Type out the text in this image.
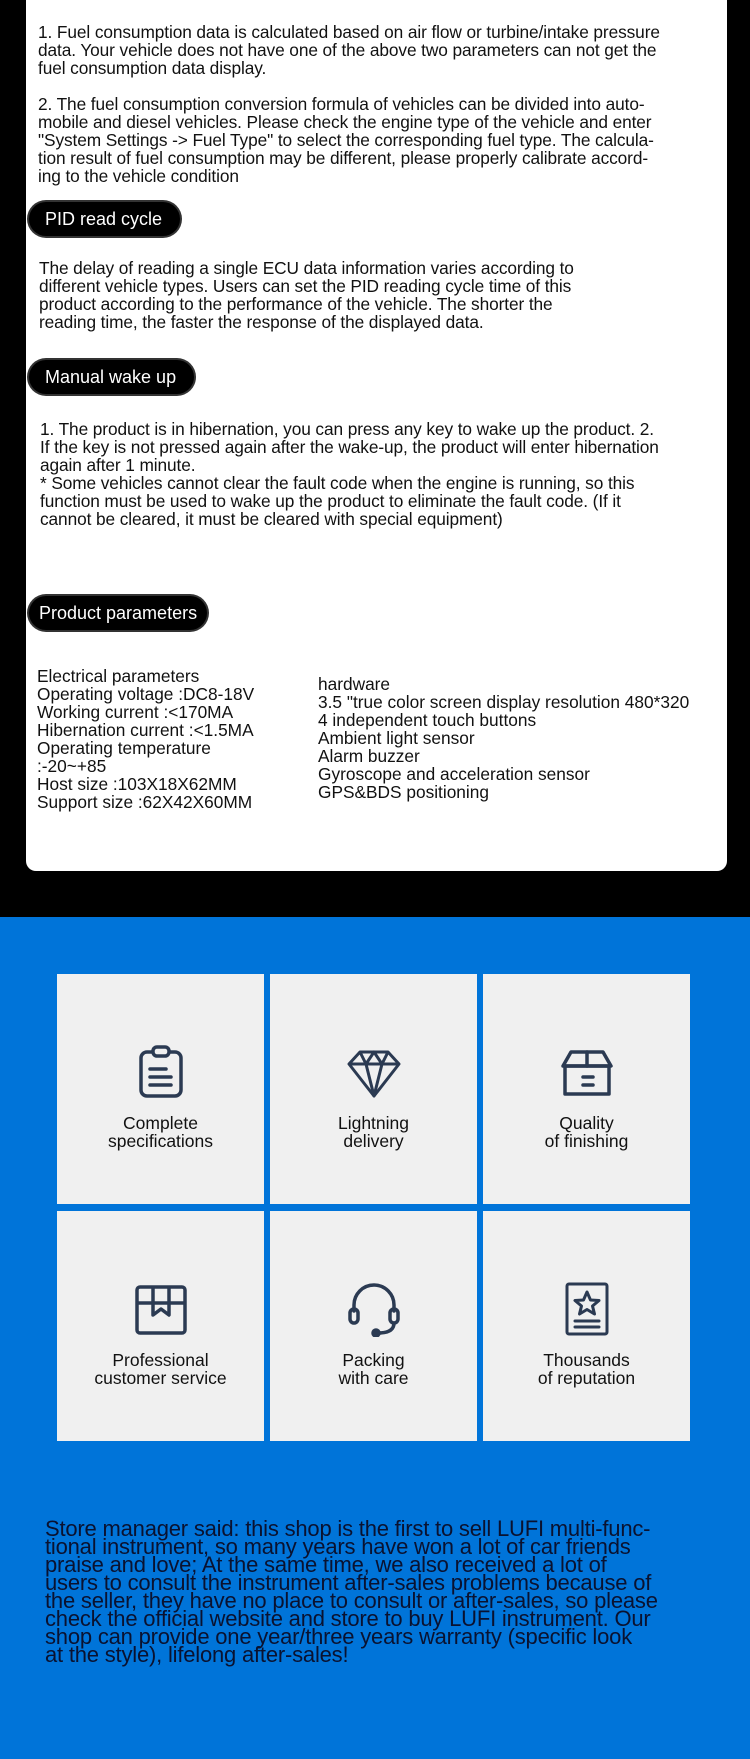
1. Fuel consumption data is calculated based on air flow or turbine/intake pressure
data. Your vehicle does not have one of the above two parameters can not get the
fuel consumption data display.

2. The fuel consumption conversion formula of vehicles can be divided into auto-
mobile and diesel vehicles. Please check the engine type of the vehicle and enter
"System Settings -> Fuel Type" to select the corresponding fuel type. The calcula-
tion result of fuel consumption may be different, please properly calibrate accord-
ing to the vehicle condition

PID read cycle

The delay of reading a single ECU data information varies according to
different vehicle types. Users can set the PID reading cycle time of this
product according to the performance of the vehicle. The shorter the
reading time, the faster the response of the displayed data.

Manual wake up

1. The product is in hibernation, you can press any key to wake up the product. 2.
If the key is not pressed again after the wake-up, the product will enter hibernation
again after 1 minute.
* Some vehicles cannot clear the fault code when the engine is running, so this
function must be used to wake up the product to eliminate the fault code. (If it
cannot be cleared, it must be cleared with special equipment)

Product parameters
Electrical parameters
Operating voltage :DC8-18V
Working current :<170MA
Hibernation current :<1.5MA
Operating temperature
:-20~+85
Host size :103X18X62MM
Support size :62X42X60MM
hardware
3.5 "true color screen display resolution 480*320
4 independent touch buttons
Ambient light sensor
Alarm buzzer
Gyroscope and acceleration sensor
GPS&BDS positioning
Complete
specifications
Lightning
delivery
Quality
of finishing
Professional
customer service
Packing
with care
Thousands
of reputation

Store manager said: this shop is the first to sell LUFI multi-func-
tional instrument, so many years have won a lot of car friends
praise and love; At the same time, we also received a lot of
users to consult the instrument after-sales problems because of
the seller, they have no place to consult or after-sales, so please
check the official website and store to buy LUFI instrument. Our
shop can provide one year/three years warranty (specific look
at the style), lifelong after-sales!
